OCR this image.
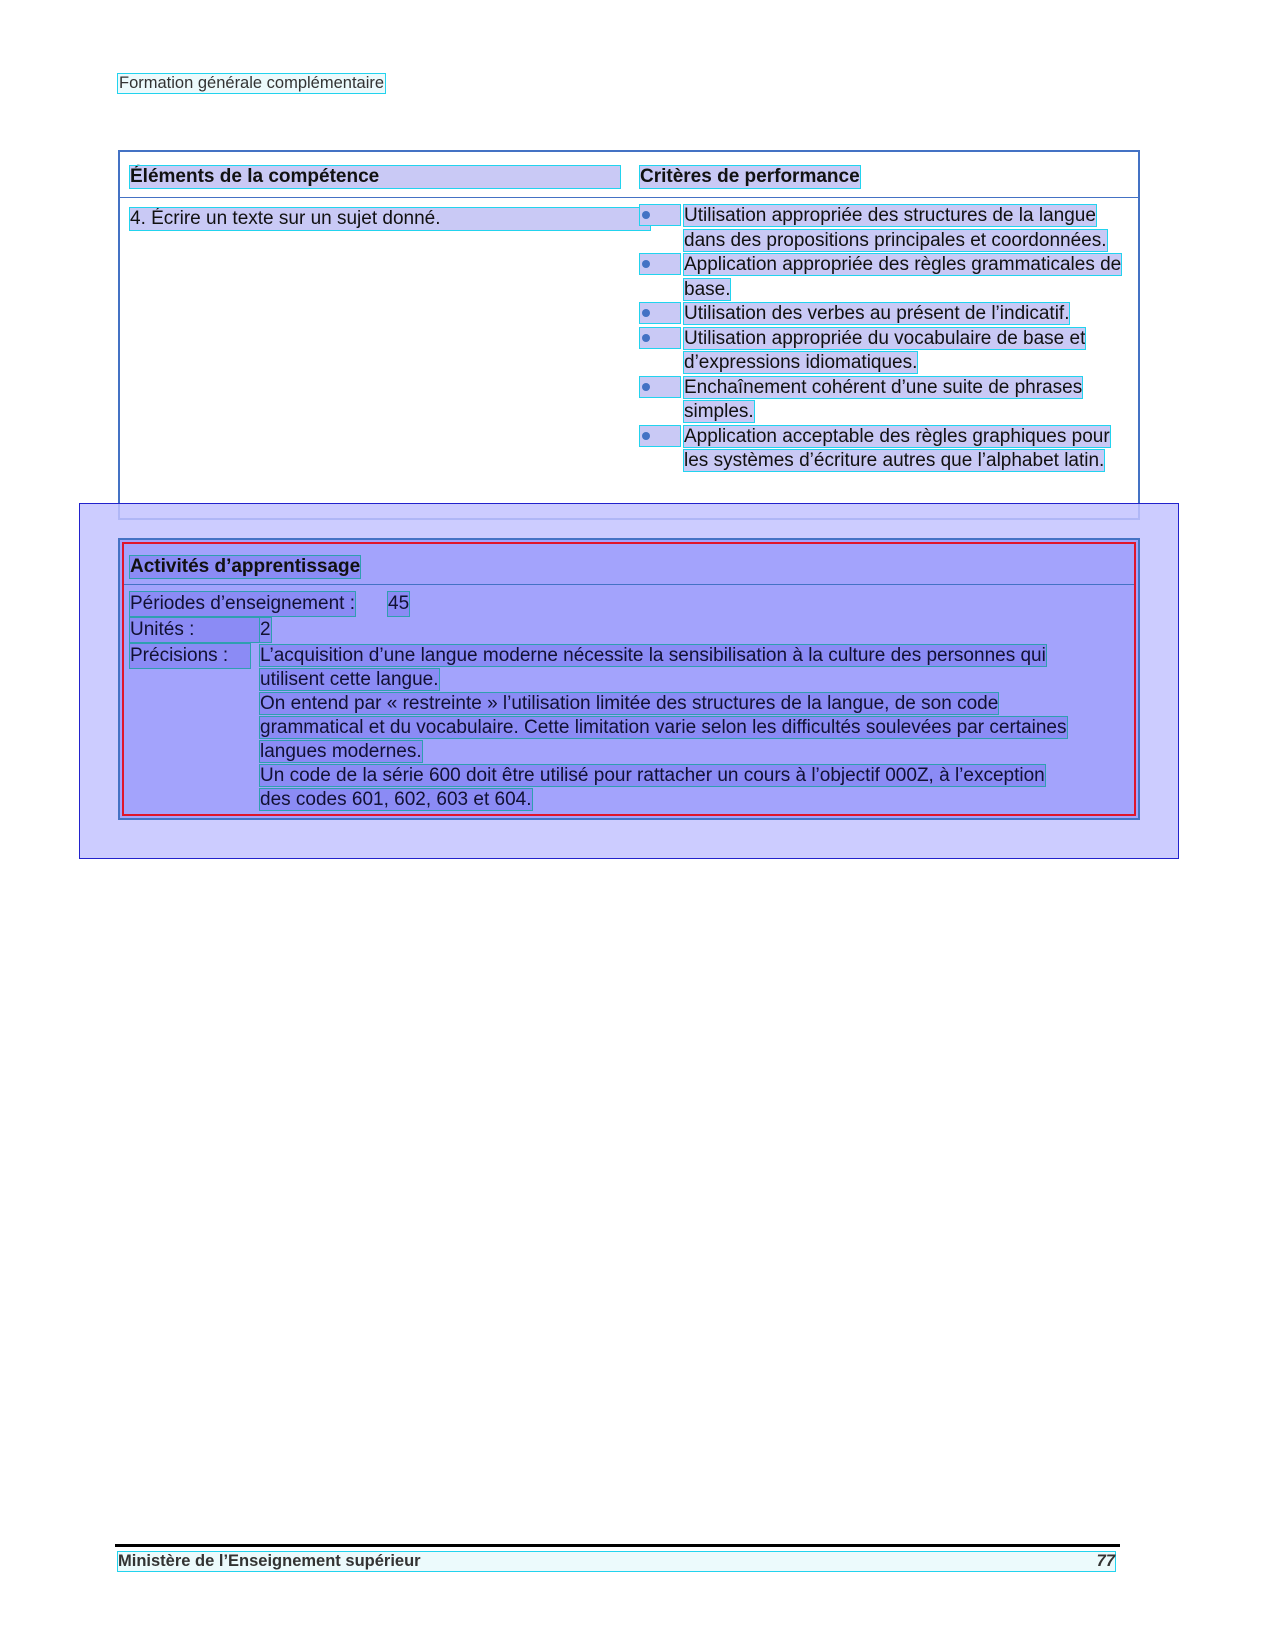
Formation générale complémentaire
Éléments de la compétence	Critères de performance
4. Écrire un texte sur un sujet donné.	Utilisation appropriée des structures de la langue dans des propositions principales et coordonnées.
Application appropriée des règles grammaticales de base.
Utilisation des verbes au présent de l’indicatif.
Utilisation appropriée du vocabulaire de base et d’expressions idiomatiques.
Enchaînement cohérent d’une suite de phrases simples.
Application acceptable des règles graphiques pour les systèmes d’écriture autres que l’alphabet latin.
Activités d’apprentissage
Périodes d’enseignement : 45
Unités :	2
Précisions :	L’acquisition d’une langue moderne nécessite la sensibilisation à la culture des personnes qui utilisent cette langue.
On entend par « restreinte » l’utilisation limitée des structures de la langue, de son code grammatical et du vocabulaire. Cette limitation varie selon les difficultés soulevées par certaines langues modernes.
Un code de la série 600 doit être utilisé pour rattacher un cours à l’objectif 000Z, à l’exception des codes 601, 602, 603 et 604.
Ministère de l’Enseignement supérieur	77
